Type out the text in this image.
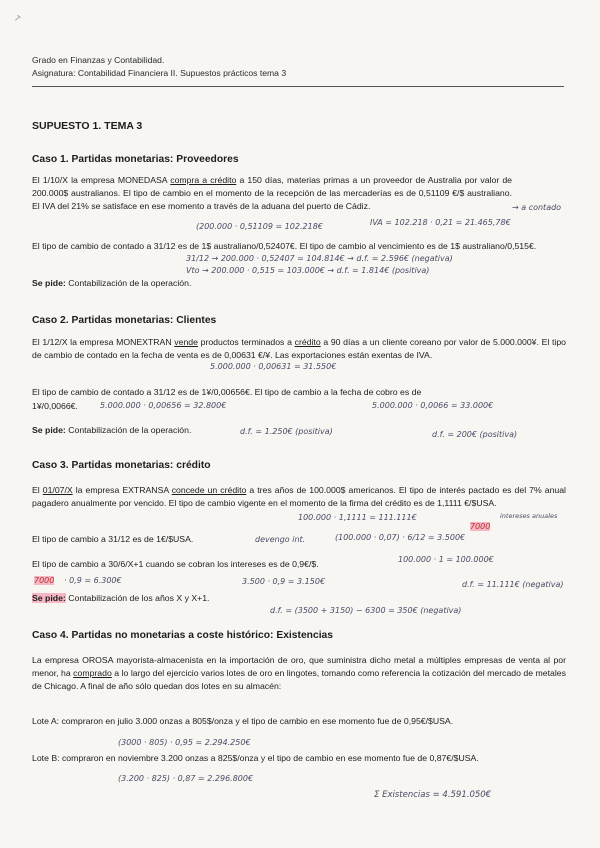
⸕
Grado en Finanzas y Contabilidad.
Asignatura: Contabilidad Financiera II. Supuestos prácticos tema 3
SUPUESTO 1. TEMA 3
Caso 1. Partidas monetarias: Proveedores
El 1/10/X la empresa MONEDASA compra a crédito a 150 días, materias primas a un proveedor de Australia por valor de 200.000$ australianos. El tipo de cambio en el momento de la recepción de las mercaderías es de 0,51109 €/$ australiano. El IVA del 21% se satisface en ese momento a través de la aduana del puerto de Cádiz.	→ a contado
IVA = 102.218 · 0,21 = 21.465,78€
(200.000 · 0,51109 = 102.218€
El tipo de cambio de contado a 31/12 es de 1$ australiano/0,52407€. El tipo de cambio al vencimiento es de 1$ australiano/0,515€.
31/12 → 200.000 · 0,52407 = 104.814€ → d.f. = 2.596€ (negativa)
Vto → 200.000 · 0,515 = 103.000€ → d.f. = 1.814€ (positiva)
Se pide: Contabilización de la operación.
Caso 2. Partidas monetarias: Clientes
El 1/12/X la empresa MONEXTRAN vende productos terminados a crédito a 90 días a un cliente coreano por valor de 5.000.000¥. El tipo de cambio de contado en la fecha de venta es de 0,00631 €/¥. Las exportaciones están exentas de IVA.
5.000.000 · 0,00631 = 31.550€
El tipo de cambio de contado a 31/12 es de 1¥/0,00656€. El tipo de cambio a la fecha de cobro es de
1¥/0,0066€.	5.000.000 · 0,00656 = 32.800€	5.000.000 · 0,0066 = 33.000€
Se pide: Contabilización de la operación.	d.f. = 1.250€ (positiva)	d.f. = 200€ (positiva)
Caso 3. Partidas monetarias: crédito
El 01/07/X la empresa EXTRANSA concede un crédito a tres años de 100.000$ americanos. El tipo de interés pactado es del 7% anual pagadero anualmente por vencido. El tipo de cambio vigente en el momento de la firma del crédito es de 1,1111 €/$USA.
100.000 · 1,1111 = 111.111€	intereses anuales
El tipo de cambio a 31/12 es de 1€/$USA.	devengo int.	(100.000 · 0,07) · 6/12 = 3.500€
7000
El tipo de cambio a 30/6/X+1 cuando se cobran los intereses es de 0,9€/$.	100.000 · 1 = 100.000€
7000 · 0,9 = 6.300€	3.500 · 0,9 = 3.150€	d.f. = 11.111€ (negativa)
Se pide: Contabilización de los años X y X+1.
d.f. = (3500 + 3150) − 6300 = 350€ (negativa)
Caso 4. Partidas no monetarias a coste histórico: Existencias
La empresa OROSA mayorista-almacenista en la importación de oro, que suministra dicho metal a múltiples empresas de venta al por menor, ha comprado a lo largo del ejercicio varios lotes de oro en lingotes, tomando como referencia la cotización del mercado de metales de Chicago. A final de año sólo quedan dos lotes en su almacén:
Lote A: compraron en julio 3.000 onzas a 805$/onza y el tipo de cambio en ese momento fue de 0,95€/$USA.
(3000 · 805) · 0,95 = 2.294.250€
Lote B: compraron en noviembre 3.200 onzas a 825$/onza y el tipo de cambio en ese momento fue de 0,87€/$USA.
(3.200 · 825) · 0,87 = 2.296.800€
Σ Existencias = 4.591.050€
